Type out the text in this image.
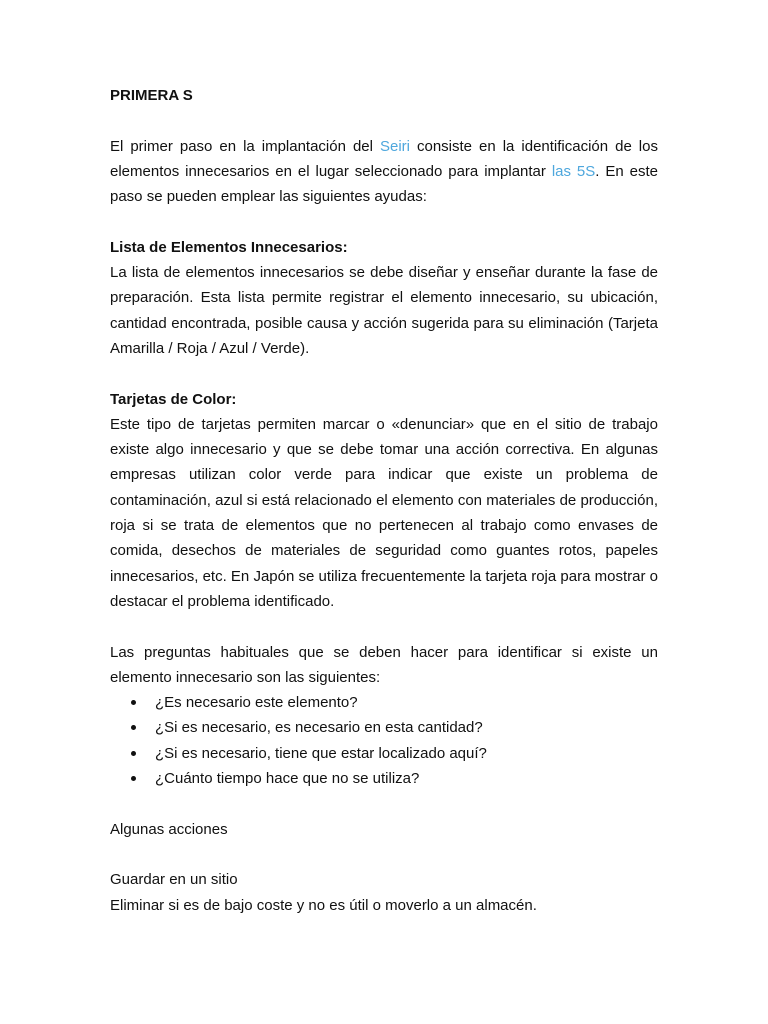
PRIMERA S

El primer paso en la implantación del Seiri consiste en la identificación de los elementos innecesarios en el lugar seleccionado para implantar las 5S. En este paso se pueden emplear las siguientes ayudas:

Lista de Elementos Innecesarios:

La lista de elementos innecesarios se debe diseñar y enseñar durante la fase de preparación. Esta lista permite registrar el elemento innecesario, su ubicación, cantidad encontrada, posible causa y acción sugerida para su eliminación (Tarjeta Amarilla / Roja / Azul / Verde).

Tarjetas de Color:

Este tipo de tarjetas permiten marcar o «denunciar» que en el sitio de trabajo existe algo innecesario y que se debe tomar una acción correctiva. En algunas empresas utilizan color verde para indicar que existe un problema de contaminación, azul si está relacionado el elemento con materiales de producción, roja si se trata de elementos que no pertenecen al trabajo como envases de comida, desechos de materiales de seguridad como guantes rotos, papeles innecesarios, etc. En Japón se utiliza frecuentemente la tarjeta roja para mostrar o destacar el problema identificado.

Las preguntas habituales que se deben hacer para identificar si existe un elemento innecesario son las siguientes:

¿Es necesario este elemento?
¿Si es necesario, es necesario en esta cantidad?
¿Si es necesario, tiene que estar localizado aquí?
¿Cuánto tiempo hace que no se utiliza?

Algunas acciones

Guardar en un sitio

Eliminar si es de bajo coste y no es útil o moverlo a un almacén.
